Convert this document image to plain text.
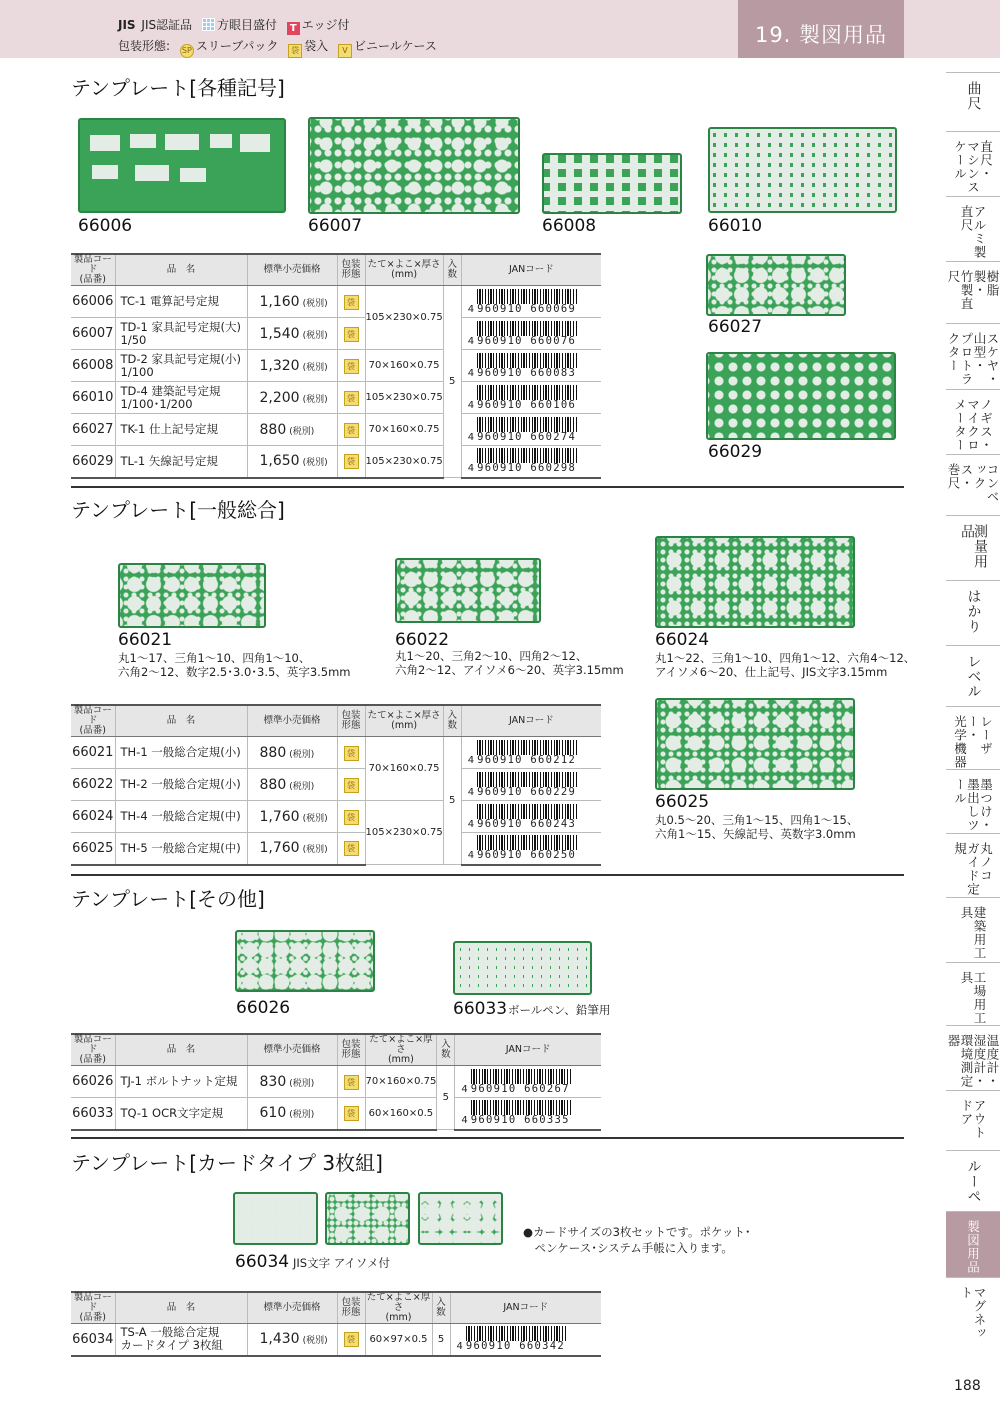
JIS JIS認証品 方眼目盛付 T エッジ付
包装形態: SP スリーブパック 袋 袋入 V ビニールケース	19. 製図用品
テンプレート[各種記号]
66006	66007	66008	66010
66027
66029
製品コード
(品番)	品　名	標準小売価格	包装
形態	たて×よこ×厚さ
(mm)	入数	JANコード
66006	TC-1 電算記号定規	1,160 (税別)	袋	105×230×0.75	5	4 960910 660069

66007	TD-1 家具記号定規(大)
1/50	1,540 (税別)	袋			4 960910 660076

66008	TD-2 家具記号定規(小)
1/100	1,320 (税別)	袋	70×160×0.75		4 960910 660083

66010	TD-4 建築記号定規
1/100･1/200	2,200 (税別)	袋	105×230×0.75		4 960910 660106

66027	TK-1 仕上記号定規	880 (税別)	袋	70×160×0.75		4 960910 660274

66029	TL-1 矢線記号定規	1,650 (税別)	袋	105×230×0.75		4 960910 660298
テンプレート[一般総合]
66021
丸1～17、三角1～10、四角1～10、
六角2～12、数字2.5･3.0･3.5、英字3.5mm
66022
丸1～20、三角2～10、四角2～12、
六角2～12、アイソメ6～20、英字3.15mm
66024
丸1～22、三角1～10、四角1～12、六角4～12、
アイソメ6～20、仕上記号、JIS文字3.15mm
66025
丸0.5～20、三角1～15、四角1～15、
六角1～15、矢線記号、英数字3.0mm
製品コード
(品番)	品　名	標準小売価格	包装
形態	たて×よこ×厚さ
(mm)	入数	JANコード
66021	TH-1 一般総合定規(小)	880 (税別)	袋	70×160×0.75	5	4 960910 660212

66022	TH-2 一般総合定規(小)	880 (税別)	袋			4 960910 660229

66024	TH-4 一般総合定規(中)	1,760 (税別)	袋	105×230×0.75		4 960910 660243

66025	TH-5 一般総合定規(中)	1,760 (税別)	袋			4 960910 660250
テンプレート[その他]
66026	66033 ボールペン、鉛筆用
製品コード
(品番)	品　名	標準小売価格	包装
形態	たて×よこ×厚さ
(mm)	入数	JANコード
66026	TJ-1 ボルトナット定規	830 (税別)	袋	70×160×0.75	5	4 960910 660267

66033	TQ-1 OCR文字定規	610 (税別)	袋	60×160×0.5		4 960910 660335
テンプレート[カードタイプ 3枚組]
66034 JIS文字 アイソメ付
●カードサイズの3枚セットです。ポケット･
　ペンケース･システム手帳に入ります。
製品コード
(品番)	品　名	標準小売価格	包装
形態	たて×よこ×厚さ
(mm)	入数	JANコード
66034	TS-A 一般総合定規
カードタイプ 3枚組	1,430 (税別)	袋	60×97×0.5	5	4 960910 660342
曲尺
直尺・
マシンスケール
アルミ製
直尺
樹脂製・
竹製直尺
スケヤ・山型・
プロトラクター
ノギス・
マイクロメーター
コンベックス・
巻尺
測量用品
はかり
レベル
レーザー・
光学機器
墨つけ・
墨出しツール
丸ノコ
ガイド定規
建築用工具
工場用工具
温度計・湿度計・
環境測定器
アウトドア
ルーペ
製図用品
マグネット
188
